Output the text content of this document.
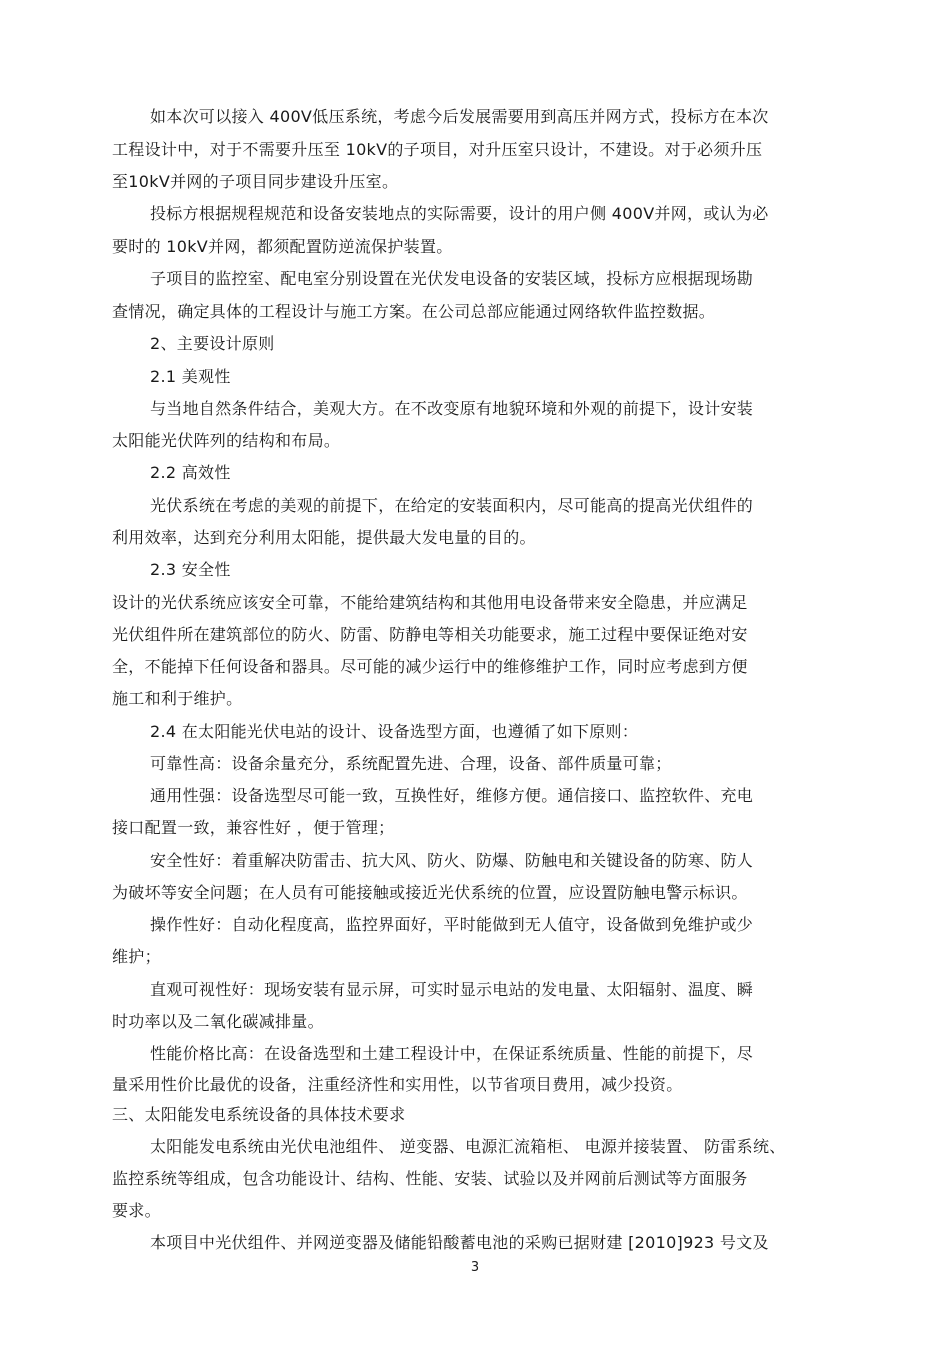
如本次可以接入 400V低压系统，考虑今后发展需要用到高压并网方式，投标方在本次
工程设计中，对于不需要升压至 10kV的子项目，对升压室只设计，不建设。对于必须升压
至10kV并网的子项目同步建设升压室。
投标方根据规程规范和设备安装地点的实际需要，设计的用户侧 400V并网，或认为必
要时的 10kV并网，都须配置防逆流保护装置。
子项目的监控室、配电室分别设置在光伏发电设备的安装区域，投标方应根据现场勘
查情况，确定具体的工程设计与施工方案。在公司总部应能通过网络软件监控数据。
2、主要设计原则
2.1 美观性
与当地自然条件结合，美观大方。在不改变原有地貌环境和外观的前提下，设计安装
太阳能光伏阵列的结构和布局。
2.2 高效性
光伏系统在考虑的美观的前提下，在给定的安装面积内，尽可能高的提高光伏组件的
利用效率，达到充分利用太阳能，提供最大发电量的目的。
2.3 安全性
设计的光伏系统应该安全可靠，不能给建筑结构和其他用电设备带来安全隐患，并应满足
光伏组件所在建筑部位的防火、防雷、防静电等相关功能要求，施工过程中要保证绝对安
全，不能掉下任何设备和器具。尽可能的减少运行中的维修维护工作，同时应考虑到方便
施工和利于维护。
2.4 在太阳能光伏电站的设计、设备选型方面，也遵循了如下原则：
可靠性高：设备余量充分，系统配置先进、合理，设备、部件质量可靠；
通用性强：设备选型尽可能一致，互换性好，维修方便。通信接口、监控软件、充电
接口配置一致，兼容性好 ，便于管理；
安全性好：着重解决防雷击、抗大风、防火、防爆、防触电和关键设备的防寒、防人
为破坏等安全问题；在人员有可能接触或接近光伏系统的位置，应设置防触电警示标识。
操作性好：自动化程度高，监控界面好，平时能做到无人值守，设备做到免维护或少
维护；
直观可视性好：现场安装有显示屏，可实时显示电站的发电量、太阳辐射、温度、瞬
时功率以及二氧化碳减排量。
性能价格比高：在设备选型和土建工程设计中，在保证系统质量、性能的前提下，尽
量采用性价比最优的设备，注重经济性和实用性，以节省项目费用，减少投资。
三、太阳能发电系统设备的具体技术要求
太阳能发电系统由光伏电池组件、 逆变器、电源汇流箱柜、 电源并接装置、 防雷系统、
监控系统等组成，包含功能设计、结构、性能、安装、试验以及并网前后测试等方面服务
要求。
本项目中光伏组件、并网逆变器及储能铅酸蓄电池的采购已据财建 [2010]923 号文及
3
